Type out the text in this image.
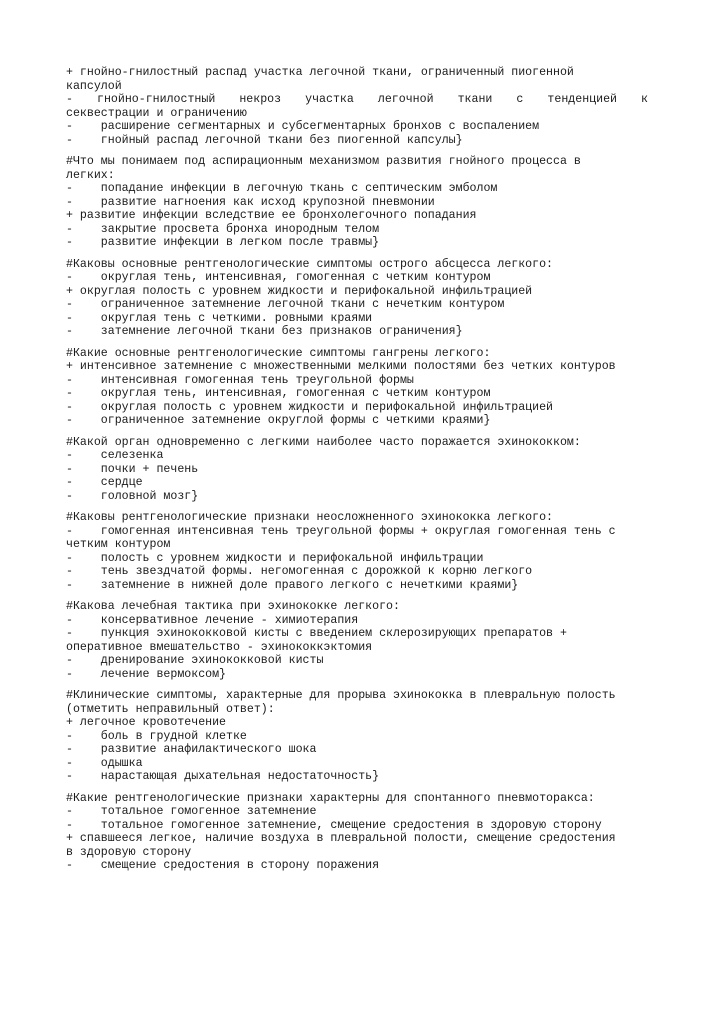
+ гнойно-гнилостный распад участка легочной ткани, ограниченный пиогенной
капсулой
- гнойно-гнилостный некроз участка легочной ткани с тенденцией к
секвестрации и ограничению
-    расширение сегментарных и субсегментарных бронхов с воспалением
-    гнойный распад легочной ткани без пиогенной капсулы}
#Что мы понимаем под аспирационным механизмом развития гнойного процесса в
легких:
-    попадание инфекции в легочную ткань с септическим эмболом
-    развитие нагноения как исход крупозной пневмонии
+ развитие инфекции вследствие ее бронхолегочного попадания
-    закрытие просвета бронха инородным телом
-    развитие инфекции в легком после травмы}
#Каковы основные рентгенологические симптомы острого абсцесса легкого:
-    округлая тень, интенсивная, гомогенная с четким контуром
+ округлая полость с уровнем жидкости и перифокальной инфильтрацией
-    ограниченное затемнение легочной ткани с нечетким контуром
-    округлая тень с четкими. ровными краями
-    затемнение легочной ткани без признаков ограничения}
#Какие основные рентгенологические симптомы гангрены легкого:
+ интенсивное затемнение с множественными мелкими полостями без четких контуров
-    интенсивная гомогенная тень треугольной формы
-    округлая тень, интенсивная, гомогенная с четким контуром
-    округлая полость с уровнем жидкости и перифокальной инфильтрацией
-    ограниченное затемнение округлой формы с четкими краями}
#Какой орган одновременно с легкими наиболее часто поражается эхинококком:
-    селезенка
-    почки + печень
-    сердце
-    головной мозг}
#Каковы рентгенологические признаки неосложненного эхинококка легкого:
-    гомогенная интенсивная тень треугольной формы + округлая гомогенная тень с
четким контуром
-    полость с уровнем жидкости и перифокальной инфильтрации
-    тень звездчатой формы. негомогенная с дорожкой к корню легкого
-    затемнение в нижней доле правого легкого с нечеткими краями}
#Какова лечебная тактика при эхинококке легкого:
-    консервативное лечение - химиотерапия
-    пункция эхинококковой кисты с введением склерозирующих препаратов +
оперативное вмешательство - эхинококкэктомия
-    дренирование эхинококковой кисты
-    лечение вермоксом}
#Клинические симптомы, характерные для прорыва эхинококка в плевральную полость
(отметить неправильный ответ):
+ легочное кровотечение
-    боль в грудной клетке
-    развитие анафилактического шока
-    одышка
-    нарастающая дыхательная недостаточность}
#Какие рентгенологические признаки характерны для спонтанного пневмоторакса:
-    тотальное гомогенное затемнение
-    тотальное гомогенное затемнение, смещение средостения в здоровую сторону
+ спавшееся легкое, наличие воздуха в плевральной полости, смещение средостения
в здоровую сторону
-    смещение средостения в сторону поражения
